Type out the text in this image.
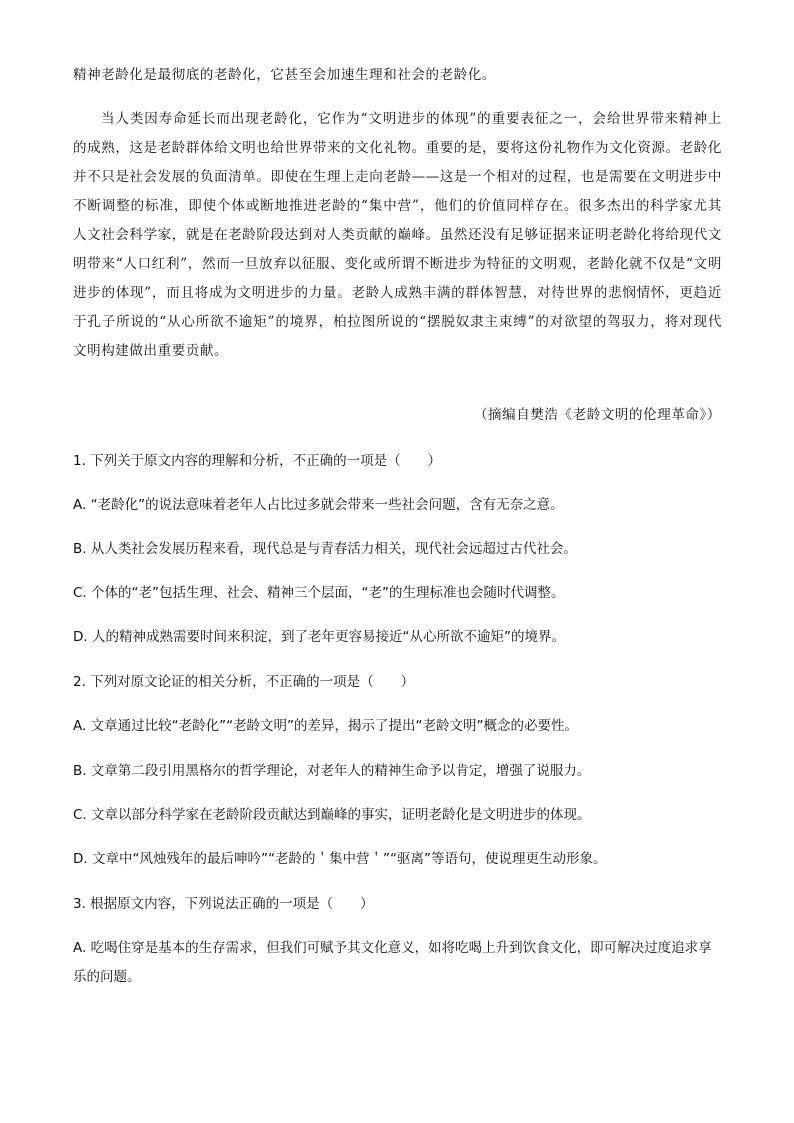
精神老龄化是最彻底的老龄化，它甚至会加速生理和社会的老龄化。

当人类因寿命延长而出现老龄化，它作为“文明进步的体现”的重要表征之一，会给世界带来精神上的成熟，这是老龄群体给文明也给世界带来的文化礼物。重要的是，要将这份礼物作为文化资源。老龄化并不只是社会发展的负面清单。即使在生理上走向老龄——这是一个相对的过程，也是需要在文明进步中不断调整的标准，即使个体或断地推进老龄的“集中营”，他们的价值同样存在。很多杰出的科学家尤其人文社会科学家，就是在老龄阶段达到对人类贡献的巅峰。虽然还没有足够证据来证明老龄化将给现代文明带来“人口红利”，然而一旦放弃以征服、变化或所谓不断进步为特征的文明观，老龄化就不仅是“文明进步的体现”，而且将成为文明进步的力量。老龄人成熟丰满的群体智慧，对待世界的悲悯情怀，更趋近于孔子所说的“从心所欲不逾矩”的境界，柏拉图所说的“摆脱奴隶主束缚”的对欲望的驾驭力，将对现代文明构建做出重要贡献。

（摘编自樊浩《老龄文明的伦理革命》）

1. 下列关于原文内容的理解和分析，不正确的一项是（　　）

A. “老龄化”的说法意味着老年人占比过多就会带来一些社会问题，含有无奈之意。

B. 从人类社会发展历程来看，现代总是与青春活力相关，现代社会远超过古代社会。

C. 个体的“老”包括生理、社会、精神三个层面，“老”的生理标准也会随时代调整。

D. 人的精神成熟需要时间来积淀，到了老年更容易接近“从心所欲不逾矩”的境界。

2. 下列对原文论证的相关分析，不正确的一项是（　　）

A. 文章通过比较“老龄化”“老龄文明”的差异，揭示了提出“老龄文明”概念的必要性。

B. 文章第二段引用黑格尔的哲学理论，对老年人的精神生命予以肯定，增强了说服力。

C. 文章以部分科学家在老龄阶段贡献达到巅峰的事实，证明老龄化是文明进步的体现。

D. 文章中“风烛残年的最后呻吟”“老龄的＇集中营＇”“驱离”等语句，使说理更生动形象。

3. 根据原文内容，下列说法正确的一项是（　　）

A. 吃喝住穿是基本的生存需求，但我们可赋予其文化意义，如将吃喝上升到饮食文化，即可解决过度追求享乐的问题。
